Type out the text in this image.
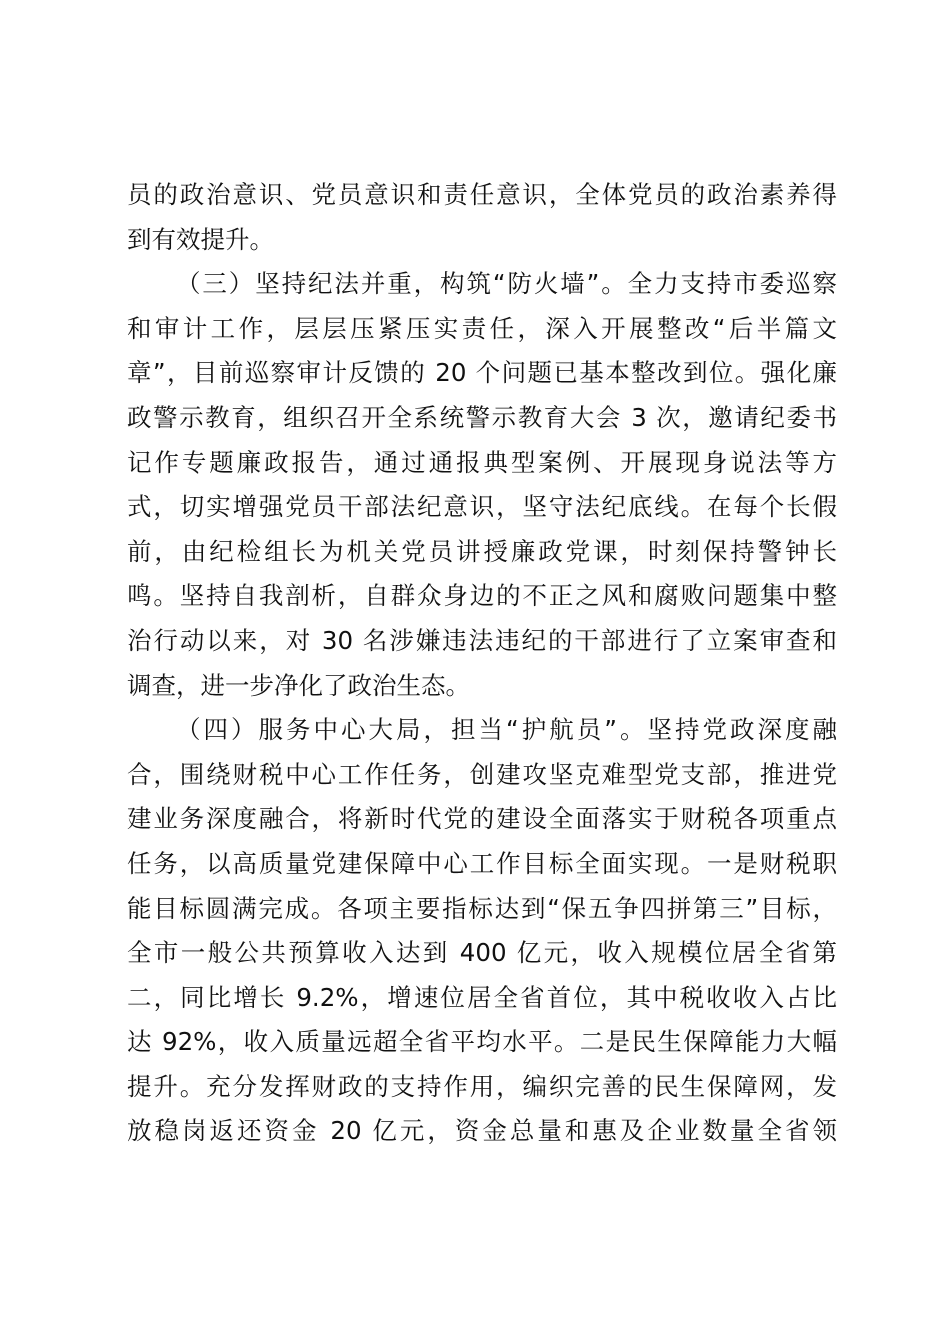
员的政治意识、党员意识和责任意识，全体党员的政治素养得
到有效提升。
（三）坚持纪法并重，构筑“防火墙”。全力支持市委巡察
和审计工作，层层压紧压实责任，深入开展整改“后半篇文
章”，目前巡察审计反馈的 20 个问题已基本整改到位。强化廉
政警示教育，组织召开全系统警示教育大会 3 次，邀请纪委书
记作专题廉政报告，通过通报典型案例、开展现身说法等方
式，切实增强党员干部法纪意识，坚守法纪底线。在每个长假
前，由纪检组长为机关党员讲授廉政党课，时刻保持警钟长
鸣。坚持自我剖析，自群众身边的不正之风和腐败问题集中整
治行动以来，对 30 名涉嫌违法违纪的干部进行了立案审查和
调查，进一步净化了政治生态。
（四）服务中心大局，担当“护航员”。坚持党政深度融
合，围绕财税中心工作任务，创建攻坚克难型党支部，推进党
建业务深度融合，将新时代党的建设全面落实于财税各项重点
任务，以高质量党建保障中心工作目标全面实现。一是财税职
能目标圆满完成。各项主要指标达到“保五争四拼第三”目标，
全市一般公共预算收入达到 400 亿元，收入规模位居全省第
二，同比增长 9.2%，增速位居全省首位，其中税收收入占比
达 92%，收入质量远超全省平均水平。二是民生保障能力大幅
提升。充分发挥财政的支持作用，编织完善的民生保障网，发
放稳岗返还资金 20 亿元，资金总量和惠及企业数量全省领
